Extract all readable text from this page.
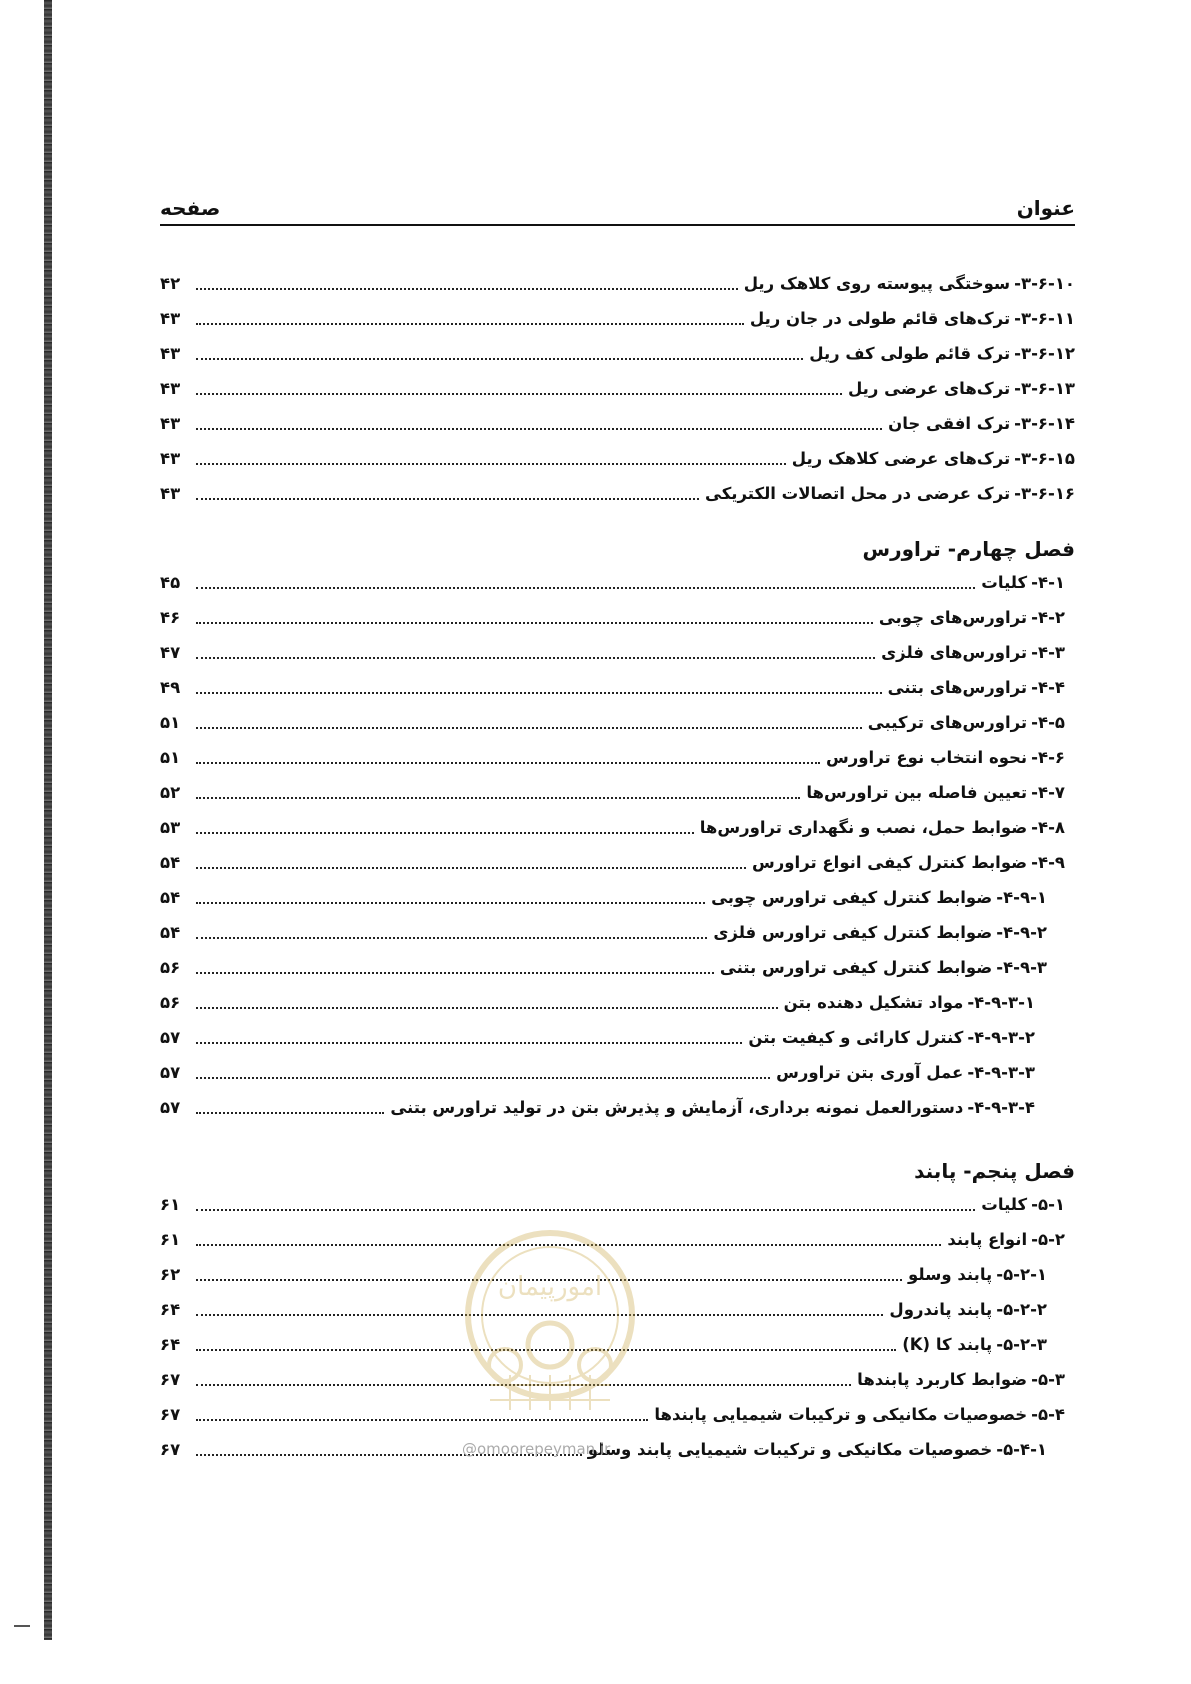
عنوان
صفحه
۳-۶-۱۰-
سوختگی پیوسته روی کلاهک ریل
۴۲
۳-۶-۱۱-
ترک‌های قائم طولی در جان ریل
۴۳
۳-۶-۱۲-
ترک قائم طولی کف ریل
۴۳
۳-۶-۱۳-
ترک‌های عرضی ریل
۴۳
۳-۶-۱۴-
ترک افقی جان
۴۳
۳-۶-۱۵-
ترک‌های عرضی کلاهک ریل
۴۳
۳-۶-۱۶-
ترک عرضی در محل اتصالات الکتریکی
۴۳
فصل چهارم- تراورس
۴-۱-
کلیات
۴۵
۴-۲-
تراورس‌های چوبی
۴۶
۴-۳-
تراورس‌های فلزی
۴۷
۴-۴-
تراورس‌های بتنی
۴۹
۴-۵-
تراورس‌های ترکیبی
۵۱
۴-۶-
نحوه انتخاب نوع تراورس
۵۱
۴-۷-
تعیین فاصله بین تراورس‌ها
۵۲
۴-۸-
ضوابط حمل، نصب و نگهداری تراورس‌ها
۵۳
۴-۹-
ضوابط کنترل کیفی انواع تراورس
۵۴
۴-۹-۱-
ضوابط کنترل کیفی تراورس چوبی
۵۴
۴-۹-۲-
ضوابط کنترل کیفی تراورس فلزی
۵۴
۴-۹-۳-
ضوابط کنترل کیفی تراورس بتنی
۵۶
۴-۹-۳-۱-
مواد تشکیل دهنده بتن
۵۶
۴-۹-۳-۲-
کنترل کارائی و کیفیت بتن
۵۷
۴-۹-۳-۳-
عمل آوری بتن تراورس
۵۷
۴-۹-۳-۴-
دستورالعمل نمونه برداری، آزمایش و پذیرش بتن در تولید تراورس بتنی
۵۷
فصل پنجم- پابند
۵-۱-
کلیات
۶۱
۵-۲-
انواع پابند
۶۱
۵-۲-۱-
پابند وسلو
۶۲
۵-۲-۲-
پابند پاندرول
۶۴
۵-۲-۳-
پابند کا (K)
۶۴
۵-۳-
ضوابط کاربرد پابندها
۶۷
۵-۴-
خصوصیات مکانیکی و ترکیبات شیمیایی پابندها
۶۷
۵-۴-۱-
خصوصیات مکانیکی و ترکیبات شیمیایی پابند وسلو
۶۷
امورپیمان
@omoorepeyman.ir
